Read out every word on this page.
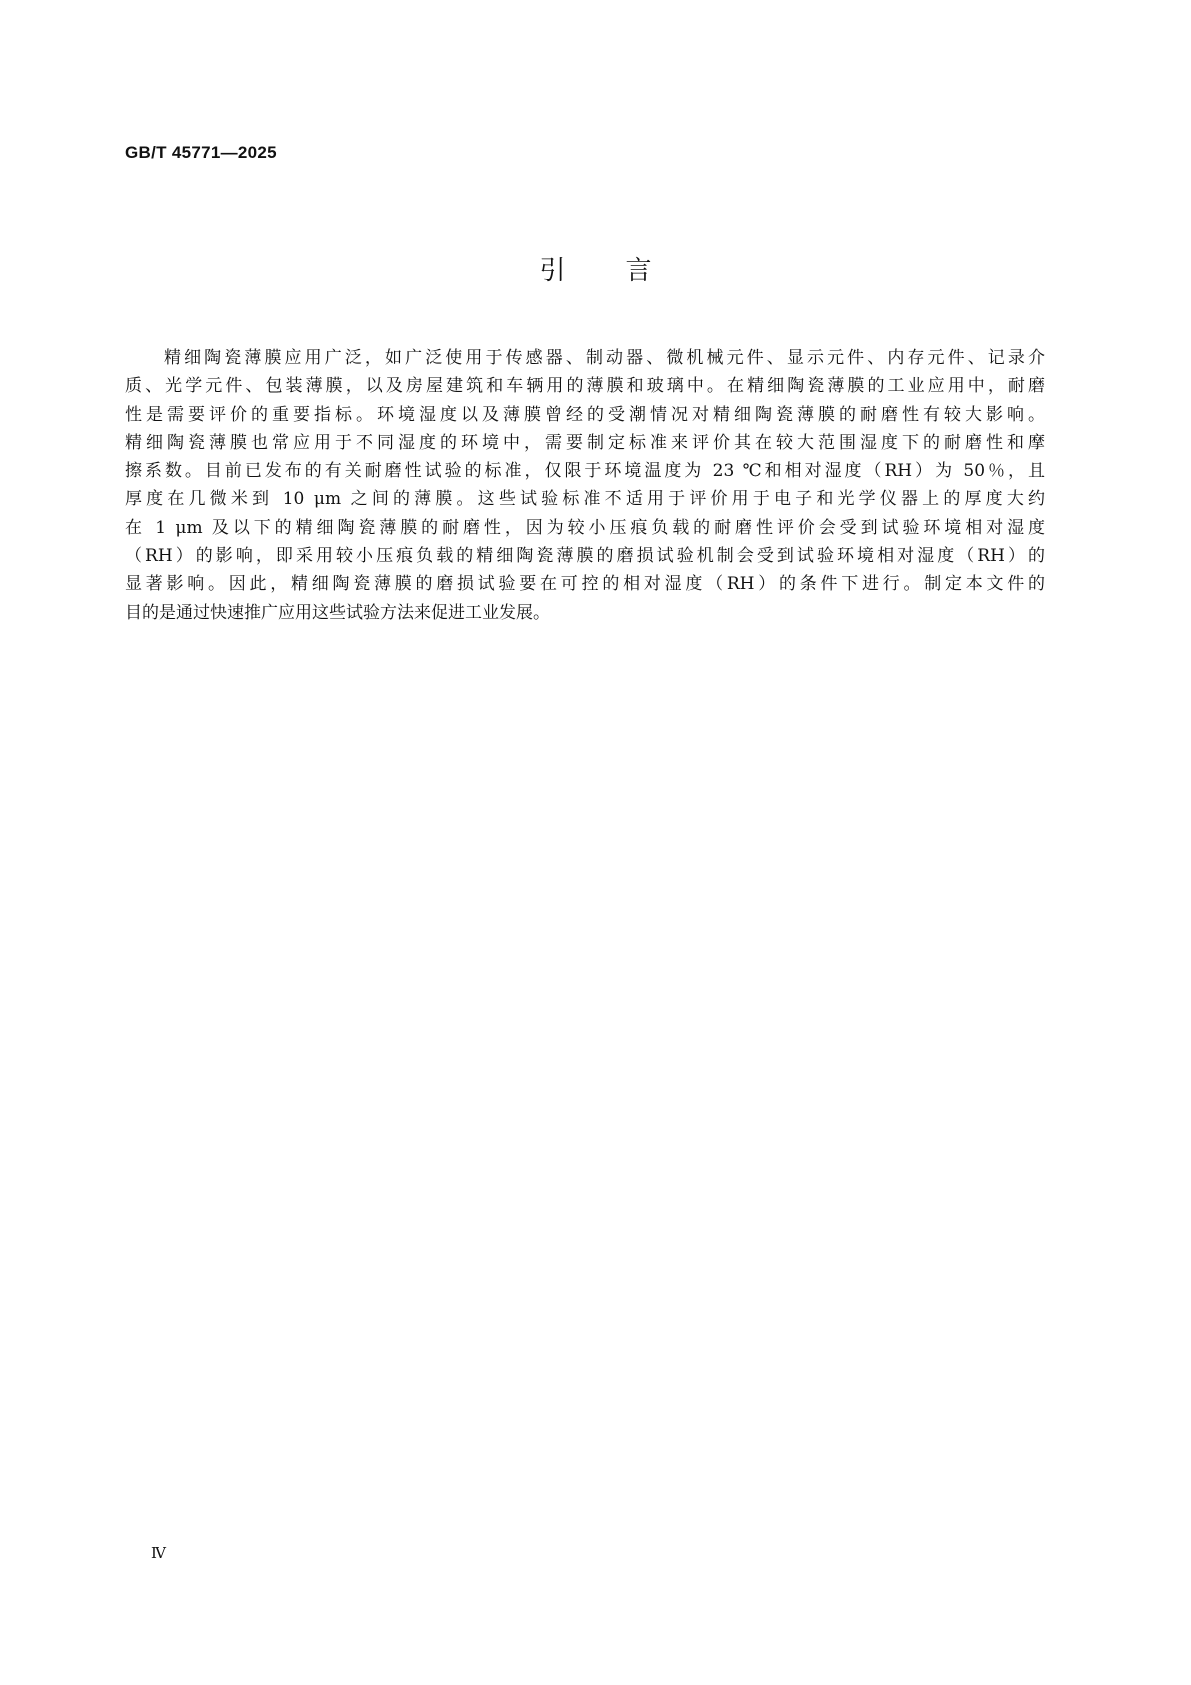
GB/T 45771—2025
引言
精细陶瓷薄膜应用广泛，如广泛使用于传感器、制动器、微机械元件、显示元件、内存元件、记录介
质、光学元件、包装薄膜，以及房屋建筑和车辆用的薄膜和玻璃中。在精细陶瓷薄膜的工业应用中，耐磨
性是需要评价的重要指标。环境湿度以及薄膜曾经的受潮情况对精细陶瓷薄膜的耐磨性有较大影响。
精细陶瓷薄膜也常应用于不同湿度的环境中，需要制定标准来评价其在较大范围湿度下的耐磨性和摩
擦系数。目前已发布的有关耐磨性试验的标准，仅限于环境温度为 23 ℃和相对湿度（RH）为 50％，且
厚度在几微米到 10 μm 之间的薄膜。这些试验标准不适用于评价用于电子和光学仪器上的厚度大约
在 1 μm 及以下的精细陶瓷薄膜的耐磨性，因为较小压痕负载的耐磨性评价会受到试验环境相对湿度
（RH）的影响，即采用较小压痕负载的精细陶瓷薄膜的磨损试验机制会受到试验环境相对湿度（RH）的
显著影响。因此，精细陶瓷薄膜的磨损试验要在可控的相对湿度（RH）的条件下进行。制定本文件的
目的是通过快速推广应用这些试验方法来促进工业发展。
Ⅳ
